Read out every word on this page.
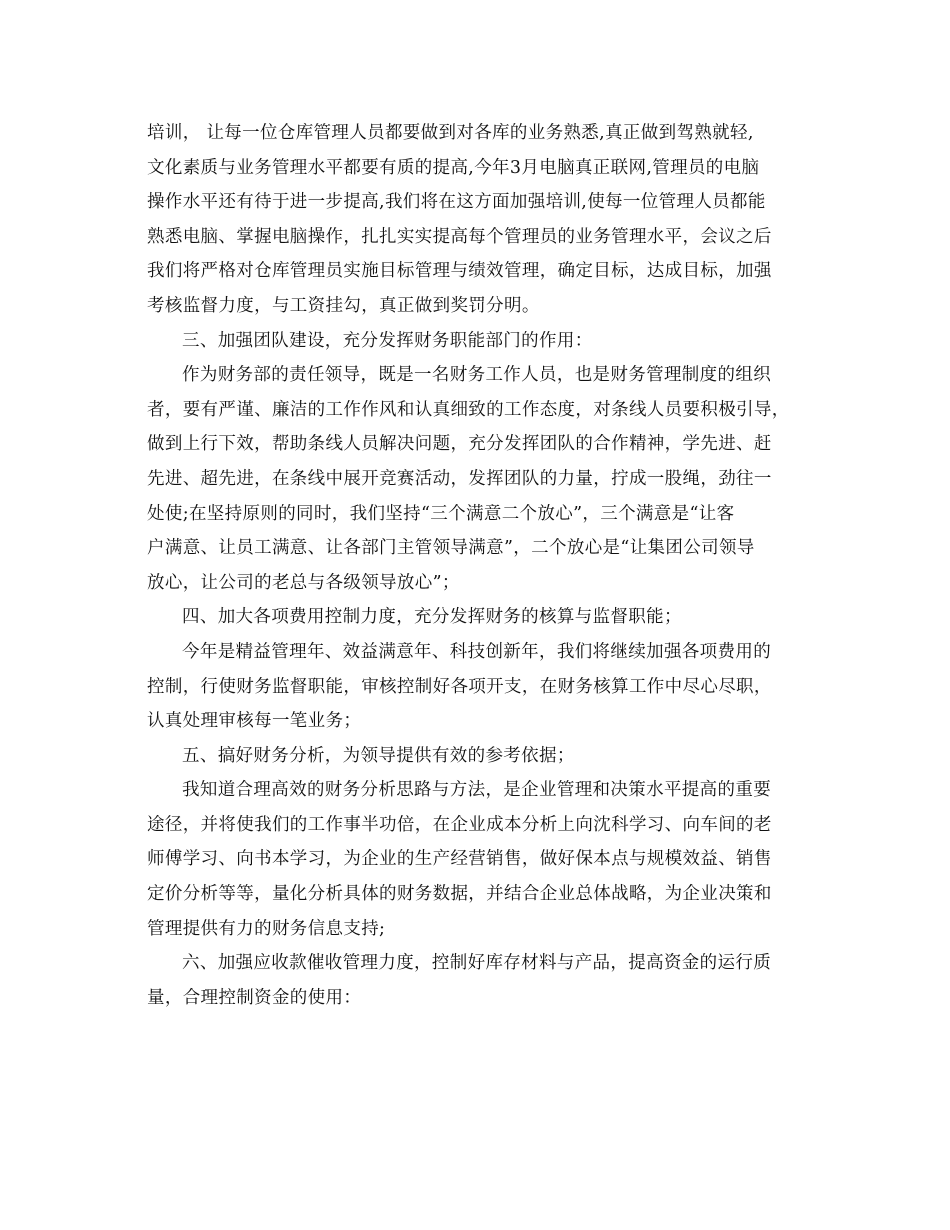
培训， 让每一位仓库管理人员都要做到对各库的业务熟悉,真正做到驾熟就轻,
文化素质与业务管理水平都要有质的提高,今年3月电脑真正联网,管理员的电脑
操作水平还有待于进一步提高,我们将在这方面加强培训,使每一位管理人员都能
熟悉电脑、掌握电脑操作，扎扎实实提高每个管理员的业务管理水平，会议之后
我们将严格对仓库管理员实施目标管理与绩效管理，确定目标，达成目标，加强
考核监督力度，与工资挂勾，真正做到奖罚分明。
三、加强团队建设，充分发挥财务职能部门的作用：
作为财务部的责任领导，既是一名财务工作人员，也是财务管理制度的组织
者，要有严谨、廉洁的工作作风和认真细致的工作态度，对条线人员要积极引导，
做到上行下效，帮助条线人员解决问题，充分发挥团队的合作精神，学先进、赶
先进、超先进，在条线中展开竞赛活动，发挥团队的力量，拧成一股绳，劲往一
处使;在坚持原则的同时，我们坚持“三个满意二个放心”，三个满意是“让客
户满意、让员工满意、让各部门主管领导满意”，二个放心是“让集团公司领导
放心，让公司的老总与各级领导放心”；
四、加大各项费用控制力度，充分发挥财务的核算与监督职能；
今年是精益管理年、效益满意年、科技创新年，我们将继续加强各项费用的
控制，行使财务监督职能，审核控制好各项开支，在财务核算工作中尽心尽职，
认真处理审核每一笔业务；
五、搞好财务分析，为领导提供有效的参考依据；
我知道合理高效的财务分析思路与方法，是企业管理和决策水平提高的重要
途径，并将使我们的工作事半功倍，在企业成本分析上向沈科学习、向车间的老
师傅学习、向书本学习，为企业的生产经营销售，做好保本点与规模效益、销售
定价分析等等，量化分析具体的财务数据，并结合企业总体战略，为企业决策和
管理提供有力的财务信息支持;
六、加强应收款催收管理力度，控制好库存材料与产品，提高资金的运行质
量，合理控制资金的使用：
